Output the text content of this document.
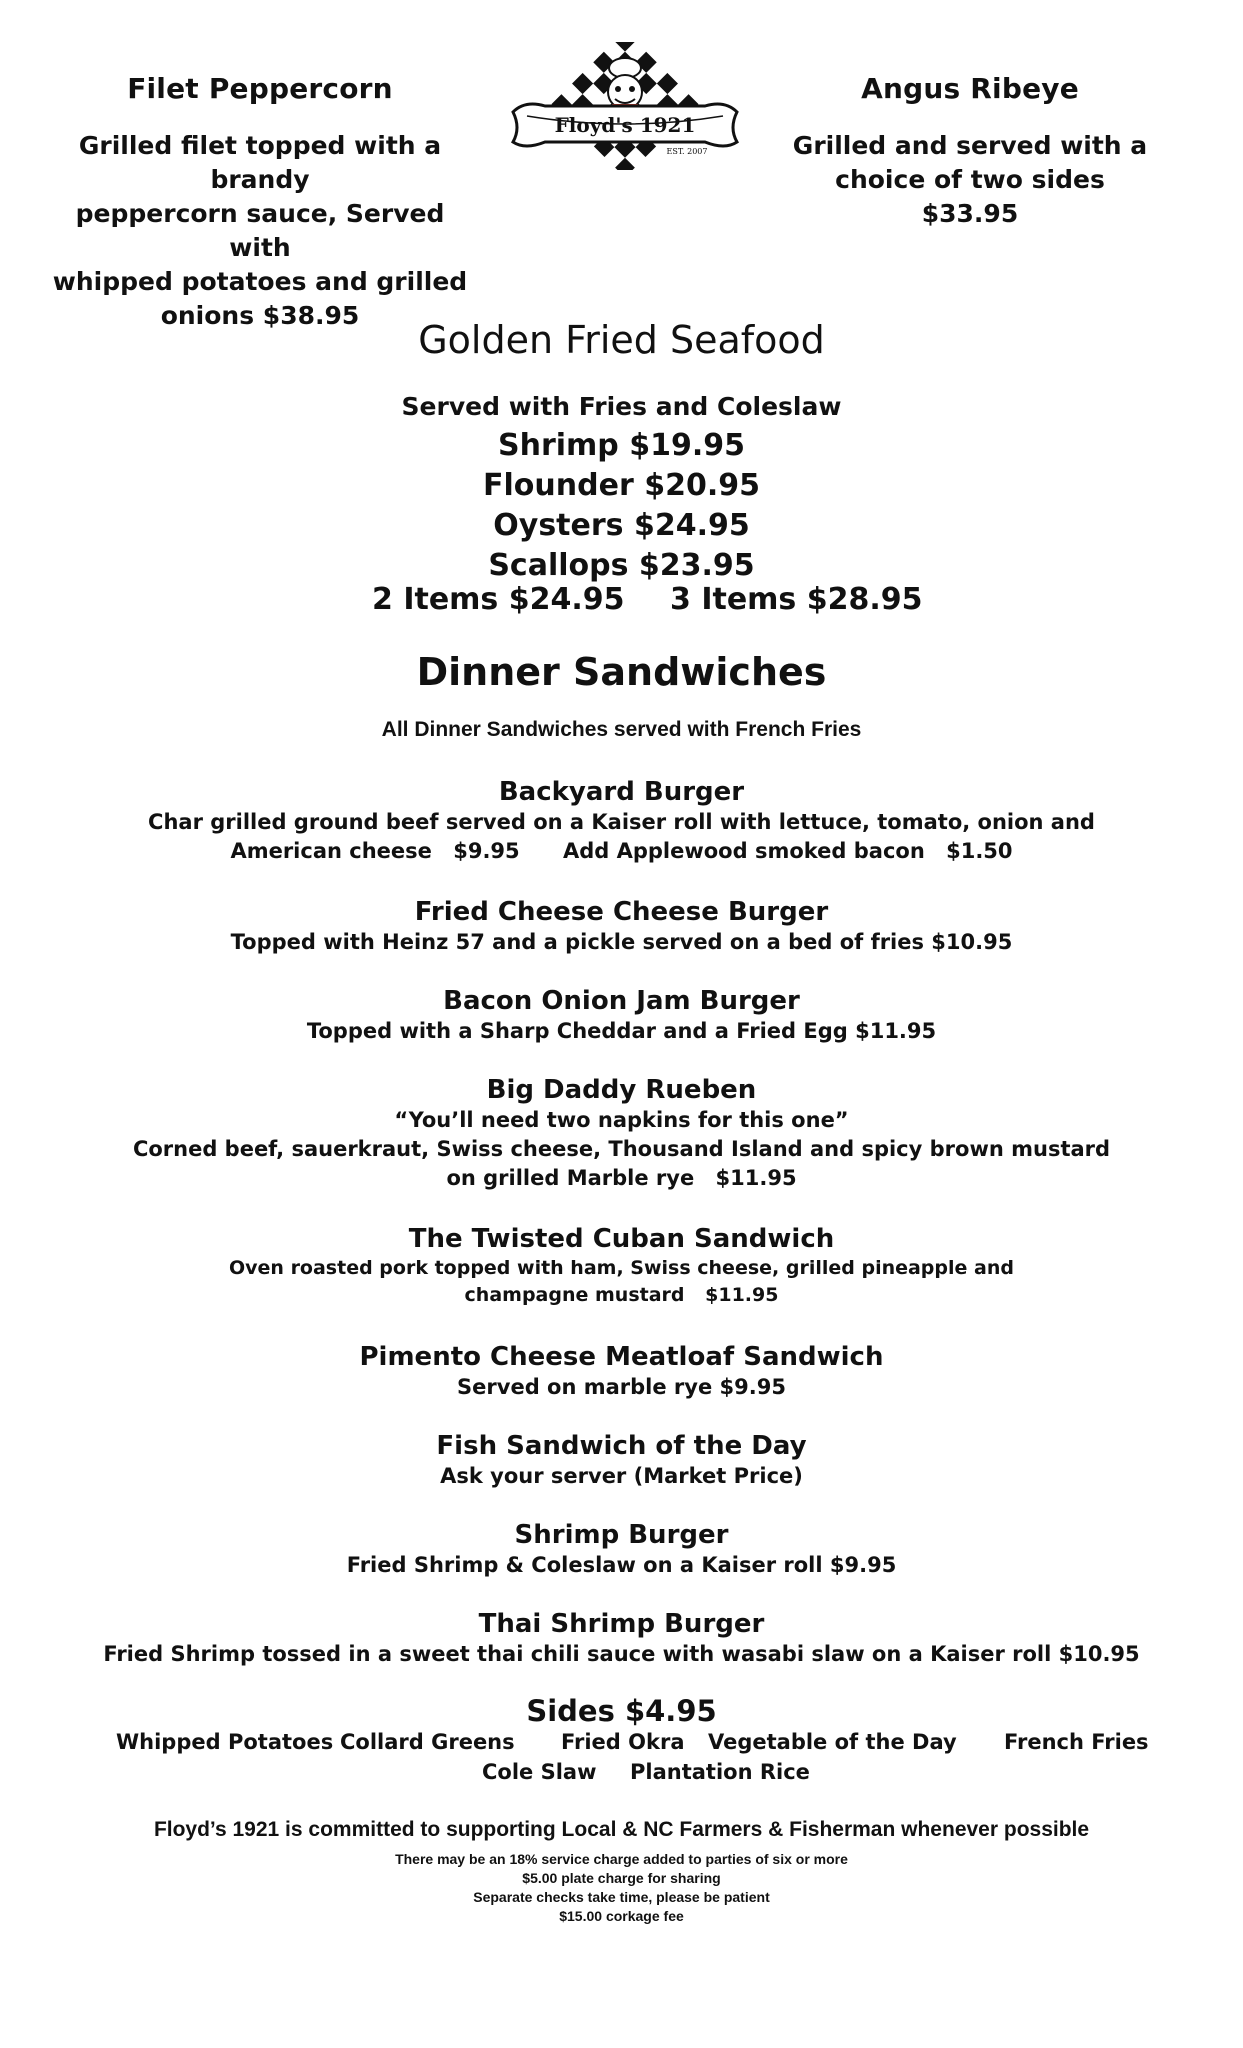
Filet Peppercorn
Grilled filet topped with a brandy
peppercorn sauce, Served with
whipped potatoes and grilled
onions $38.95
Floyd's 1921
EST. 2007
Angus Ribeye
Grilled and served with a
choice of two sides
$33.95
Golden Fried Seafood
Served with Fries and Coleslaw
Shrimp $19.95
Flounder $20.95
Oysters $24.95
Scallops $23.95
2 Items $24.95 3 Items $28.95
Dinner Sandwiches
All Dinner Sandwiches served with French Fries
Backyard Burger
Char grilled ground beef served on a Kaiser roll with lettuce, tomato, onion and
American cheese $9.95 Add Applewood smoked bacon $1.50
Fried Cheese Cheese Burger
Topped with Heinz 57 and a pickle served on a bed of fries $10.95
Bacon Onion Jam Burger
Topped with a Sharp Cheddar and a Fried Egg $11.95
Big Daddy Rueben
“You’ll need two napkins for this one”
Corned beef, sauerkraut, Swiss cheese, Thousand Island and spicy brown mustard
on grilled Marble rye $11.95
The Twisted Cuban Sandwich
Oven roasted pork topped with ham, Swiss cheese, grilled pineapple and
champagne mustard $11.95
Pimento Cheese Meatloaf Sandwich
Served on marble rye $9.95
Fish Sandwich of the Day
Ask your server (Market Price)
Shrimp Burger
Fried Shrimp & Coleslaw on a Kaiser roll $9.95
Thai Shrimp Burger
Fried Shrimp tossed in a sweet thai chili sauce with wasabi slaw on a Kaiser roll $10.95
Sides $4.95
Whipped Potatoes Collard Greens Fried Okra Vegetable of the Day French Fries
Cole Slaw Plantation Rice
Floyd’s 1921 is committed to supporting Local & NC Farmers & Fisherman whenever possible
There may be an 18% service charge added to parties of six or more
$5.00 plate charge for sharing
Separate checks take time, please be patient
$15.00 corkage fee
